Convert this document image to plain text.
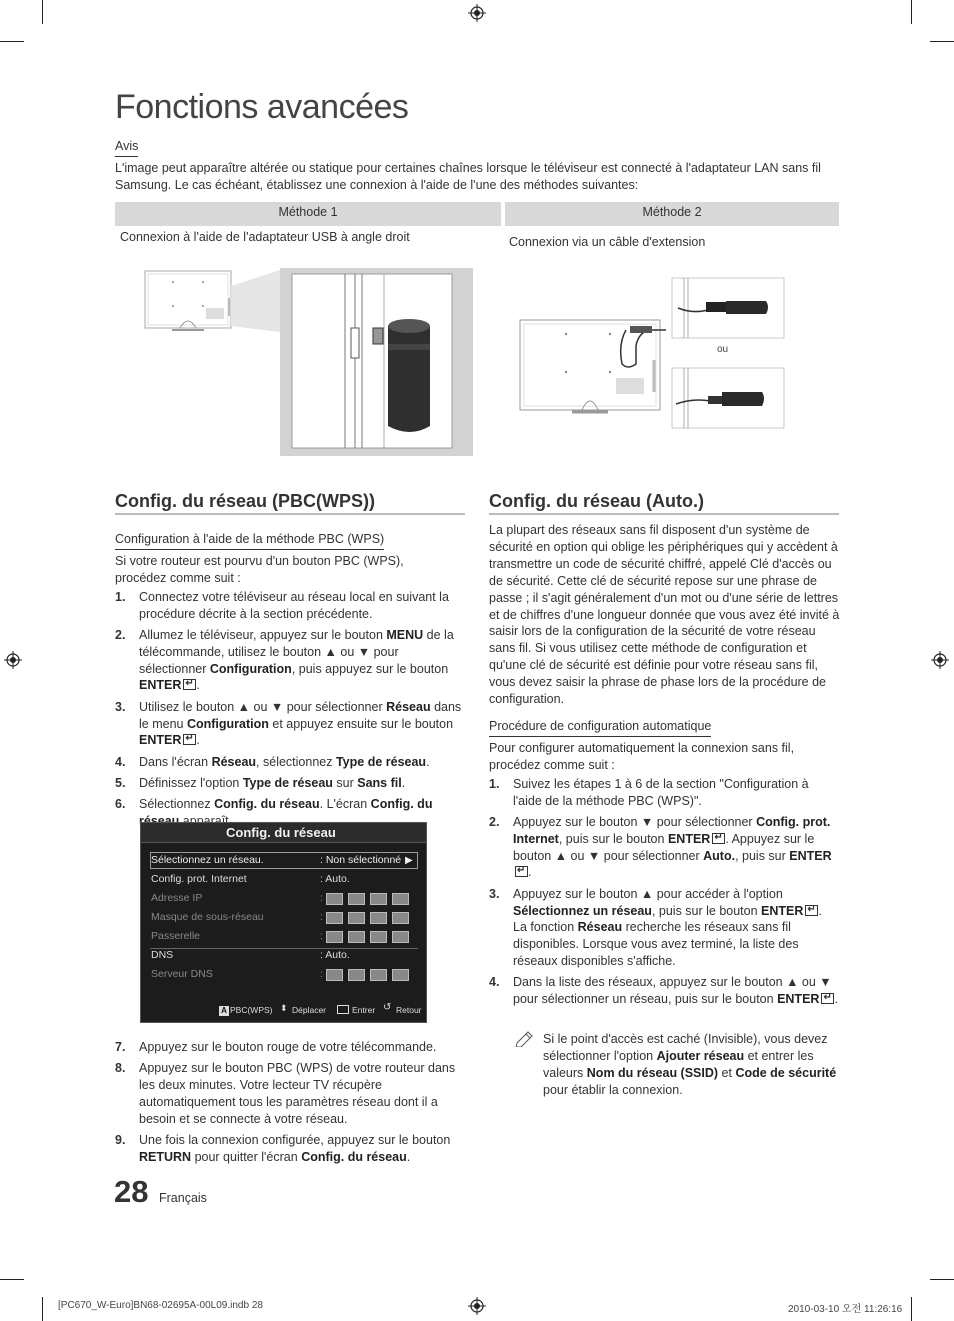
Fonctions avancées
Avis

L'image peut apparaître altérée ou statique pour certaines chaînes lorsque le téléviseur est connecté à l'adaptateur LAN sans fil Samsung. Le cas échéant, établissez une connexion à l'aide de l'une des méthodes suivantes:

Méthode 1	Méthode 2
Connexion à l'aide de l'adaptateur USB à angle droit	Connexion via un câble d'extension
ou
Config. du réseau (PBC(WPS))
Configuration à l'aide de la méthode PBC (WPS)

Si votre routeur est pourvu d'un bouton PBC (WPS), procédez comme suit :

1. Connectez votre téléviseur au réseau local en suivant la procédure décrite à la section précédente.

2. Allumez le téléviseur, appuyez sur le bouton MENU de la télécommande, utilisez le bouton ▲ ou ▼ pour sélectionner Configuration, puis appuyez sur le bouton ENTER ↵ .

3. Utilisez le bouton ▲ ou ▼ pour sélectionner Réseau dans le menu Configuration et appuyez ensuite sur le bouton ENTER ↵ .

4. Dans l'écran Réseau, sélectionnez Type de réseau.

5. Définissez l'option Type de réseau sur Sans fil.

6. Sélectionnez Config. du réseau. L'écran Config. du

Config. du réseau
Sélectionnez un réseau.	: Non sélectionné ▶
Config. prot. Internet	: Auto.
Adresse IP	:
Masque de sous-réseau	:
Passerelle	:
DNS	: Auto.
Serveur DNS	:
A PBC(WPS) ⬍ Déplacer	Entrer ↺ Retour
7. Appuyez sur le bouton rouge de votre télécommande.

8. Appuyez sur le bouton PBC (WPS) de votre routeur dans les deux minutes. Votre lecteur TV récupère automatiquement tous les paramètres réseau dont il a besoin et se connecte à votre réseau.

9. Une fois la connexion configurée, appuyez sur le bouton RETURN pour quitter l'écran Config. du réseau.

Config. du réseau (Auto.)

La plupart des réseaux sans fil disposent d'un système de sécurité en option qui oblige les périphériques qui y accèdent à transmettre un code de sécurité chiffré, appelé Clé d'accès ou de sécurité. Cette clé de sécurité repose sur une phrase de passe ; il s'agit généralement d'un mot ou d'une série de lettres et de chiffres d'une longueur donnée que vous avez été invité à saisir lors de la configuration de la sécurité de votre réseau sans fil. Si vous utilisez cette méthode de configuration et qu'une clé de sécurité est définie pour votre réseau sans fil, vous devez saisir la phrase de phase lors de la procédure de configuration.

Procédure de configuration automatique

Pour configurer automatiquement la connexion sans fil, procédez comme suit :

1. Suivez les étapes 1 à 6 de la section "Configuration à l'aide de la méthode PBC (WPS)".

2. Appuyez sur le bouton ▼ pour sélectionner Config. prot. Internet, puis sur le bouton ENTER ↵ . Appuyez sur le bouton ▲ ou ▼ pour sélectionner Auto., puis sur ENTER↵.

3. Appuyez sur le bouton ▲ pour accéder à l'option Sélectionnez un réseau, puis sur le bouton ENTER ↵ . La fonction Réseau recherche les réseaux sans fil disponibles. Lorsque vous avez terminé, la liste des réseaux disponibles s'affiche.

4. Dans la liste des réseaux, appuyez sur le bouton ▲ ou ▼ pour sélectionner un réseau, puis sur le bouton ENTER ↵ .

Si le point d'accès est caché (Invisible), vous devez sélectionner l'option Ajouter réseau et entrer les valeurs Nom du réseau (SSID) et Code de sécurité pour établir la connexion.

28 Français
[PC670_W-Euro]BN68-02695A-00L09.indb 28	2010-03-10 오전 11:26:16
